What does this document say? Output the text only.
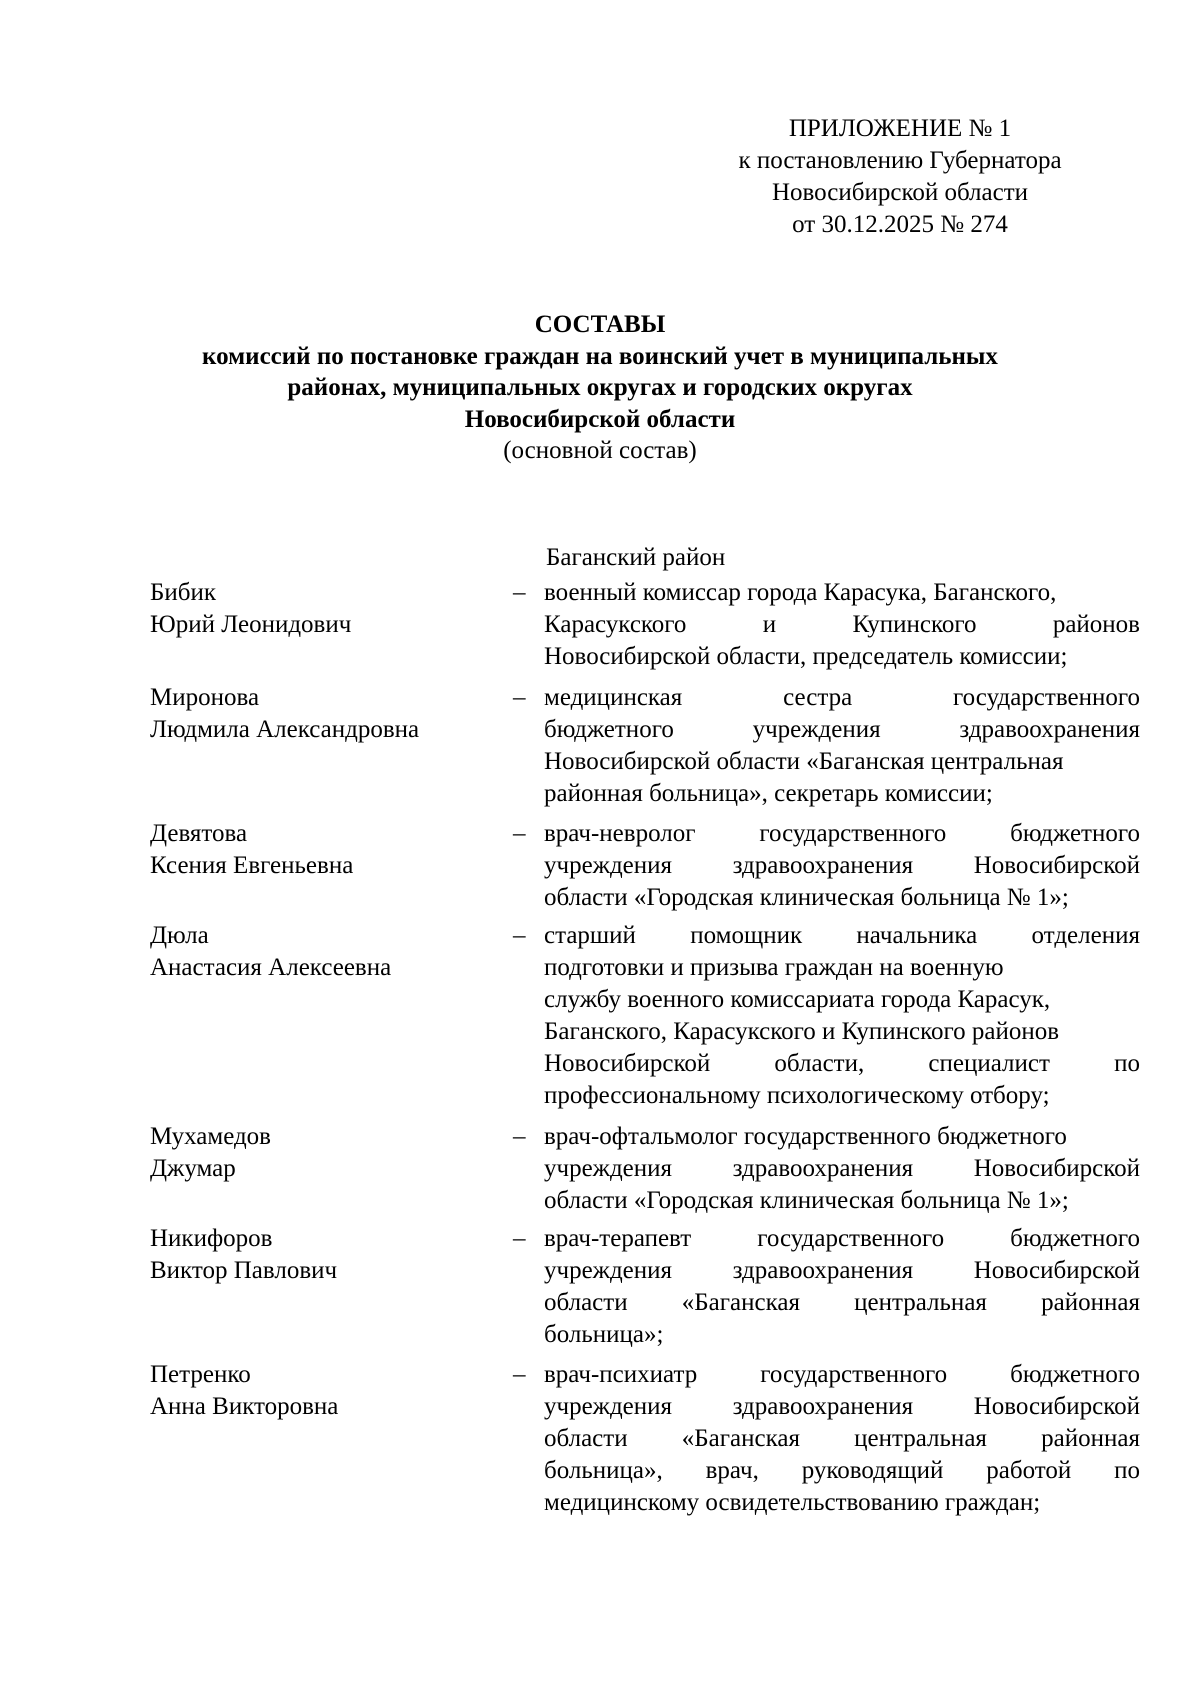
ПРИЛОЖЕНИЕ № 1
к постановлению Губернатора
Новосибирской области
от 30.12.2025 № 274
СОСТАВЫ
комиссий по постановке граждан на воинский учет в муниципальных
районах, муниципальных округах и городских округах
Новосибирской области
(основной состав)
Баганский район
Бибик
Юрий Леонидович
– военный комиссар города Карасука, Баганского,
Карасукского	и	Купинского	районов
Новосибирской области, председатель комиссии;
Миронова
Людмила Александровна
– медицинская	сестра	государственного
бюджетного	учреждения	здравоохранения
Новосибирской области «Баганская центральная
районная больница», секретарь комиссии;
Девятова
Ксения Евгеньевна
– врач-невролог	государственного	бюджетного
учреждения здравоохранения Новосибирской
области «Городская клиническая больница № 1»;
Дюла
Анастасия Алексеевна
– старший помощник начальника отделения
подготовки и призыва граждан на военную
службу военного комиссариата города Карасук,
Баганского, Карасукского и Купинского районов
Новосибирской	области,	специалист	по
профессиональному психологическому отбору;
Мухамедов
Джумар
– врач-офтальмолог государственного бюджетного
учреждения здравоохранения Новосибирской
области «Городская клиническая больница № 1»;
Никифоров
Виктор Павлович
– врач-терапевт	государственного	бюджетного
учреждения здравоохранения Новосибирской
области «Баганская центральная районная
больница»;
Петренко
Анна Викторовна
– врач-психиатр	государственного	бюджетного
учреждения здравоохранения Новосибирской
области «Баганская центральная районная
больница», врач, руководящий работой по
медицинскому освидетельствованию граждан;
